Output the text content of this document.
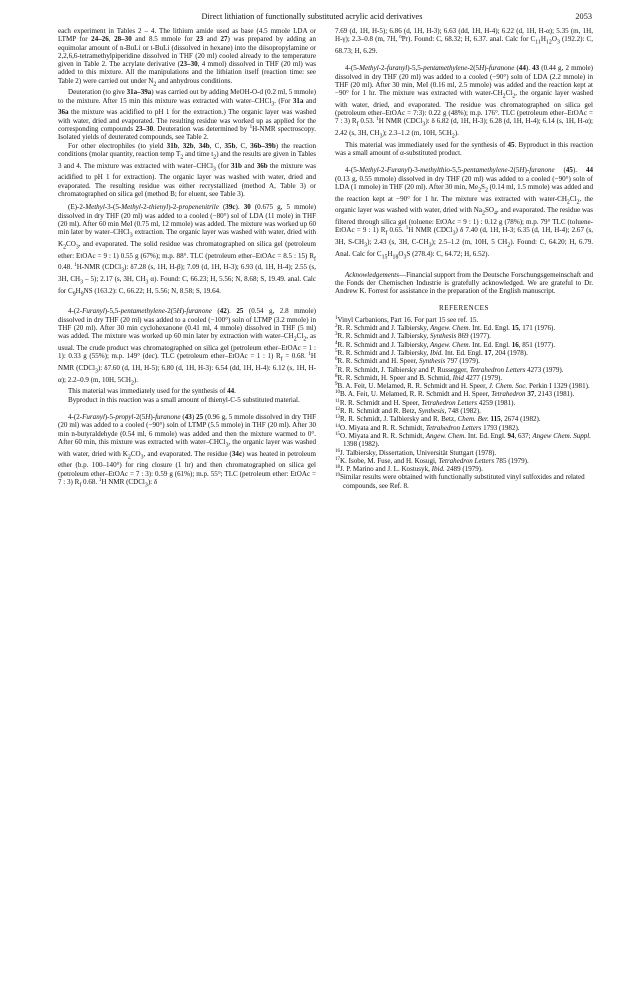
Direct lithiation of functionally substituted acrylic acid derivatives	2053

each experiment in Tables 2 – 4. The lithium amide used as base (4.5 mmole LDA or LTMP for 24–26, 28–30 and 8.5 mmole for 23 and 27) was prepared by adding an equimolar amount of n-BuLi or t-BuLi (dissolved in hexane) into the diisopropylamine or 2,2,6,6-tetramethylpiperidine dissolved in THF (20 ml) cooled already to the temperature given in Table 2. The acrylate derivative (23–30, 4 mmol) dissolved in THF (20 ml) was added to this mixture. All the manipulations and the lithiation itself (reaction time: see Table 2) were carried out under $N_2$ and anhydrous conditions.

Deuteration (to give 31a–39a) was carried out by adding MeOH-O-d (0.2 ml, 5 mmole) to the mixture. After 15 min this mixture was extracted with water–CHCl$_3$. (For 31a and 36a the mixture was acidified to pH 1 for the extraction.) The organic layer was washed with water, dried and evaporated. The resulting residue was worked up as applied for the corresponding compounds 23–30. Deuteration was determined by $^1$H-NMR spectroscopy. Isolated yields of deuterated compounds, see Table 2.

For other electrophiles (to yield 31b, 32b, 34b, C, 35b, C, 36b–39b) the reaction conditions (molar quantity, reaction temp $T_2$ and time $t_2$) and the results are given in Tables 3 and 4. The mixture was extracted with water–CHCl$_3$ (for 31b and 36b the mixture was acidified to pH 1 for extraction). The organic layer was washed with water, dried and evaporated. The resulting residue was either recrystallized (method A, Table 3) or chromatographed on silica gel (method B; for eluent, see Table 3).

(E)-2-Methyl-3-(5-Methyl-2-thienyl)-2-propenenitrile (39c). 30 (0.675 g, 5 mmole) dissolved in dry THF (20 ml) was added to a cooled (−80°) sol of LDA (11 mole) in THF (20 ml). After 60 min MeI (0.75 ml, 12 mmole) was added. The mixture was worked up 60 min later by water–CHCl$_3$ extraction. The organic layer was washed with water, dried with $K_2CO_3$, and evaporated. The solid residue was chromatographed on silica gel (petroleum ether: EtOAc = 9 : 1) 0.55 g (67%); m.p. 88°. TLC (petroleum ether–EtOAc = 8.5 : 15) $R_f$ 0.48. $^1$H-NMR (CDCl$_3$): δ7.28 (s, 1H, H-β); 7.09 (d, 1H, H-3); 6.93 (d, 1H, H-4); 2.55 (s, 3H, $CH_3 - 5$); 2.17 (s, 3H, $CH_3$ α). Found: C, 66.23; H, 5.56; N, 8.68; S, 19.49. anal. Calc for $C_9H_9NS$ (163.2): C, 66.22; H, 5.56; N, 8.58; S, 19.64.

4-(2-Furanyl)-5,5-pentamethylene-2(5H)-furanone (42). 25 (0.54 g, 2.8 mmole) dissolved in dry THF (20 ml) was added to a cooled (−100°) soln of LTMP (3.2 mmole) in THF (20 ml). After 30 min cyclohexanone (0.41 ml, 4 mmole) dissolved in THF (5 ml) was added. The mixture was worked up 60 min later by extraction with water–$CH_2Cl_2$, as usual. The crude product was chromatographed on silica gel (petroleum ether–EtOAc = 1 : 1): 0.33 g (55%); m.p. 149° (dec). TLC (petroleum ether–EtOAc = 1 : 1) $R_f = 0.68$. $^1$H NMR (CDCl$_3$): δ7.60 (d, 1H, H-5); 6.80 (d, 1H, H-3): 6.54 (dd, 1H, H-4): 6.12 (s, 1H, H-α); 2.2–0.9 (m, 10H, $5CH_2$).

This material was immediately used for the synthesis of 44.

Byproduct in this reaction was a small amount of thienyl-C-5 substituted material.

4-(2-Furanyl)-5-propyl-2(5H)-furanone (43) 25 (0.96 g, 5 mmole dissolved in dry THF (20 ml) was added to a cooled (−90°) soln of LTMP (5.5 mmole) in THF (20 ml). After 30 min n-butyraldehyde (0.54 ml, 6 mmole) was added and then the mixture warmed to 0°. After 60 min, this mixture was extracted with water–CHCl$_3$, the organic layer was washed with water, dried with $K_2CO_3$, and evaporated. The residue (34c) was heated in petroleum ether (b.p. 100–140°) for ring closure (1 hr) and then chromatographed on silica gel (petroleum ether–EtOAc = 7 : 3): 0.59 g (61%); m.p. 55°; TLC (petroleum ether: EtOAc = 7 : 3) $R_f$ 0.68. $^1$H NMR (CDCl$_3$): δ

7.69 (d, 1H, H-5); 6.86 (d, 1H, H-3); 6.63 (dd, 1H, H-4); 6.22 (d, 1H, H-α); 5.35 (m, 1H, H-γ); 2.3–0.8 (m, 7H, $^n$Pr). Found: C, 68.32; H, 6.37. anal. Calc for $C_{11}H_{12}O_3$ (192.2): C, 68.73; H, 6.29.

4-(5-Methyl-2-furanyl)-5,5-pentamethylene-2(5H)-furanone (44). 43 (0.44 g, 2 mmole) dissolved in dry THF (20 ml) was added to a cooled (−90°) soln of LDA (2.2 mmole) in THF (20 ml). After 30 min, MeI (0.16 ml, 2.5 mmole) was added and the reaction kept at −90° for 1 hr. The mixture was extracted with water-$CH_2Cl_2$, the organic layer washed with water, dried, and evaporated. The residue was chromatographed on silica gel (petroleum ether–EtOAc = 7:3): 0.22 g (48%); m.p. 176°. TLC (petroleum ether–EtOAc = 7 : 3) $R_f$ 0.53. $^1$H NMR (CDCl$_3$): δ 6.82 (d, 1H, H-3); 6.28 (d, 1H, H-4); 6.14 (s, 1H, H-α); 2.42 (s, 3H, $CH_3$); 2.3–1.2 (m, 10H, $5CH_2$).

This material was immediately used for the synthesis of 45. Byproduct in this reaction was a small amount of α-substituted product.

4-(5-Methyl-2-Furanyl)-3-methylthio-5,5-pentamethylene-2(5H)-furanone (45). 44 (0.13 g, 0.55 mmole) dissolved in dry THF (20 ml) was added to a cooled (−90°) soln of LDA (1 mmole) in THF (20 ml). After 30 min, $Me_2S_2$ (0.14 ml, 1.5 mmole) was added and the reaction kept at −90° for 1 hr. The mixture was extracted with water-$CH_2Cl_2$, the organic layer was washed with water, dried with $Na_2SO_4$, and evaporated. The residue was filtered through silica gel (toluene: EtOAc = 9 : 1) : 0.12 g (78%); m.p. 79° TLC (toluene-EtOAc = 9 : 1) $R_f$ 0.65. $^1$H NMR (CDCl$_3$) δ 7.40 (d, 1H, H-3; 6.35 (d, 1H, H-4); 2.67 (s, 3H, $S-CH_3$); 2.43 (s, 3H, $C-CH_3$); 2.5–1.2 (m, 10H, 5 $CH_2$). Found: C, 64.20; H, 6.79. Anal. Calc for $C_{15}H_{18}O_3S$ (278.4): C, 64.72; H, 6.52).

Acknowledgements—Financial support from the Deutsche Forschungsgemeinschaft and the Fonds der Chemischen Industrie is gratefully acknowledged. We are grateful to Dr. Andrew K. Forrest for assistance in the preparation of the English manuscript.

REFERENCES
$^1$Vinyl Carbanions, Part 16. For part 15 see ref. 15.
$^2$R. R. Schmidt and J. Talbiersky, Angew. Chem. Int. Ed. Engl. 15, 171 (1976).
$^3$R. R. Schmidt and J. Talbiersky, Synthesis 869 (1977).
$^4$R. R. Schmidt and J. Talbiersky, Angew. Chem. Int. Ed. Engl. 16, 851 (1977).
$^5$R. R. Schmidt and J. Talbiersky, Ibid. Int. Ed. Engl. 17, 204 (1978).
$^6$R. R. Schmidt and H. Speer, Synthesis 797 (1979).
$^7$R. R. Schmidt, J. Talbiersky and P. Russegger, Tetrahedron Letters 4273 (1979).
$^8$R. R. Schmidt, H. Speer and B. Schmid, Ibid 4277 (1979).
$^9$B. A. Feit, U. Melamed, R. R. Schmidt and H. Speer, J. Chem. Soc. Perkin I 1329 (1981).
$^{10}$B. A. Feit, U. Melamed, R. R. Schmidt and H. Speer, Tetrahedron 37, 2143 (1981).
$^{11}$R. R. Schmidt and H. Speer, Tetrahedron Letters 4259 (1981).
$^{12}$R. R. Schmidt and R. Betz, Synthesis, 748 (1982).
$^{13}$R. R. Schmidt, J. Talbiersky and R. Betz, Chem. Ber. 115, 2674 (1982).
$^{14}$O. Miyata and R. R. Schmidt, Tetrahedron Letters 1793 (1982).
$^{15}$O. Miyata and R. R. Schmidt, Angew. Chem. Int. Ed. Engl. 94, 637; Angew Chem. Suppl. 1398 (1982).
$^{16}$J. Talbiersky, Dissertation, Universität Stuttgart (1978).
$^{17}$K. Isobe, M. Fuse, and H. Kosugi, Tetrahedron Letters 785 (1979).
$^{18}$J. P. Marino and J. L. Kostusyk, Ibid. 2489 (1979).
$^{19}$Similar results were obtained with functionally substituted vinyl sulfoxides and related compounds, see Ref. 8.
